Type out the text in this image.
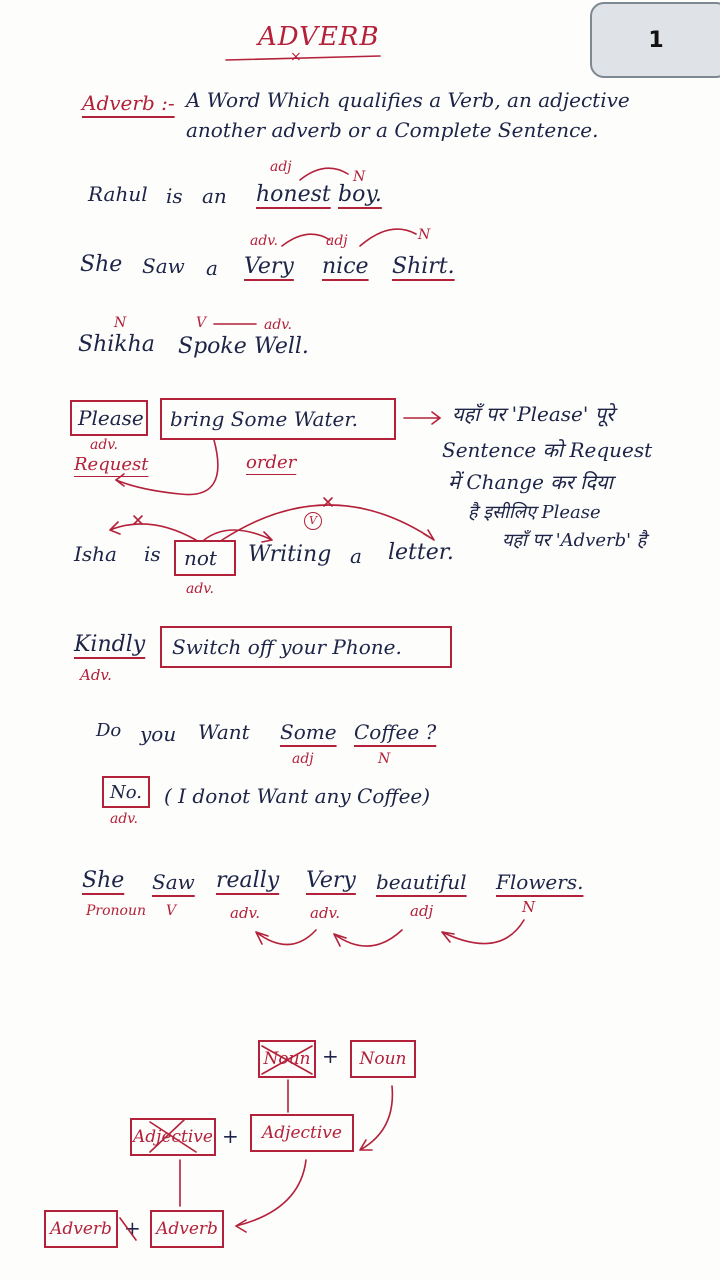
1
ADVERB
×
Adverb :- A Word Which qualifies a Verb, an adjective
another adverb or a Complete Sentence.
Rahul is an honest boy.
adj
N
She Saw a Very nice Shirt.
adv.	adj	N
Shikha Spoke Well.
N	V	adv.
Please bring Some Water.
adv.
Request	order
यहाँ पर 'Please' पूरे
Sentence को Request
में Change कर दिया
है इसीलिए Please
यहाँ पर 'Adverb' है
Isha is not Writing a letter.
adv.
V
Kindly Switch off your Phone.
Adv.
Do you Want Some Coffee ?
adj	N
No. ( I donot Want any Coffee)
adv.
She Saw really Very beautiful Flowers.
Pronoun V	adv.	adv.	adj	N
Noun +	Noun
Adjective +	Adjective
Adverb + Adverb
